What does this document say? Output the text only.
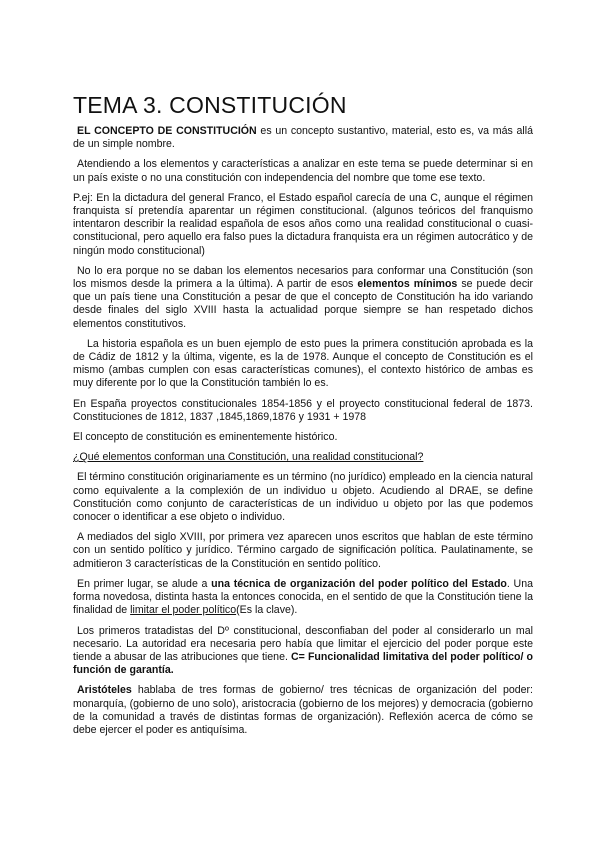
TEMA 3. CONSTITUCIÓN

EL CONCEPTO DE CONSTITUCIÓN es un concepto sustantivo, material, esto es, va más allá de un simple nombre.

Atendiendo a los elementos y características a analizar en este tema se puede determinar si en un país existe o no una constitución con independencia del nombre que tome ese texto.

P.ej: En la dictadura del general Franco, el Estado español carecía de una C, aunque el régimen franquista sí pretendía aparentar un régimen constitucional. (algunos teóricos del franquismo intentaron describir la realidad española de esos años como una realidad constitucional o cuasi-constitucional, pero aquello era falso pues la dictadura franquista era un régimen autocrático y de ningún modo constitucional)

No lo era porque no se daban los elementos necesarios para conformar una Constitución (son los mismos desde la primera a la última). A partir de esos elementos mínimos se puede decir que un país tiene una Constitución a pesar de que el concepto de Constitución ha ido variando desde finales del siglo XVIII hasta la actualidad porque siempre se han respetado dichos elementos constitutivos.

La historia española es un buen ejemplo de esto pues la primera constitución aprobada es la de Cádiz de 1812 y la última, vigente, es la de 1978. Aunque el concepto de Constitución es el mismo (ambas cumplen con esas características comunes), el contexto histórico de ambas es muy diferente por lo que la Constitución también lo es.

En España proyectos constitucionales 1854-1856 y el proyecto constitucional federal de 1873. Constituciones de 1812, 1837 ,1845,1869,1876 y 1931 + 1978

El concepto de constitución es eminentemente histórico.

¿Qué elementos conforman una Constitución, una realidad constitucional?

El término constitución originariamente es un término (no jurídico) empleado en la ciencia natural como equivalente a la complexión de un individuo u objeto. Acudiendo al DRAE, se define Constitución como conjunto de características de un individuo u objeto por las que podemos conocer o identificar a ese objeto o individuo.

A mediados del siglo XVIII, por primera vez aparecen unos escritos que hablan de este término con un sentido político y jurídico. Término cargado de significación política. Paulatinamente, se admitieron 3 características de la Constitución en sentido político.

En primer lugar, se alude a una técnica de organización del poder político del Estado. Una forma novedosa, distinta hasta la entonces conocida, en el sentido de que la Constitución tiene la finalidad de limitar el poder político(Es la clave).

Los primeros tratadistas del Dº constitucional, desconfiaban del poder al considerarlo un mal necesario. La autoridad era necesaria pero había que limitar el ejercicio del poder porque este tiende a abusar de las atribuciones que tiene. C= Funcionalidad limitativa del poder político/ o función de garantía.

Aristóteles hablaba de tres formas de gobierno/ tres técnicas de organización del poder: monarquía, (gobierno de uno solo), aristocracia (gobierno de los mejores) y democracia (gobierno de la comunidad a través de distintas formas de organización). Reflexión acerca de cómo se debe ejercer el poder es antiquísima.
